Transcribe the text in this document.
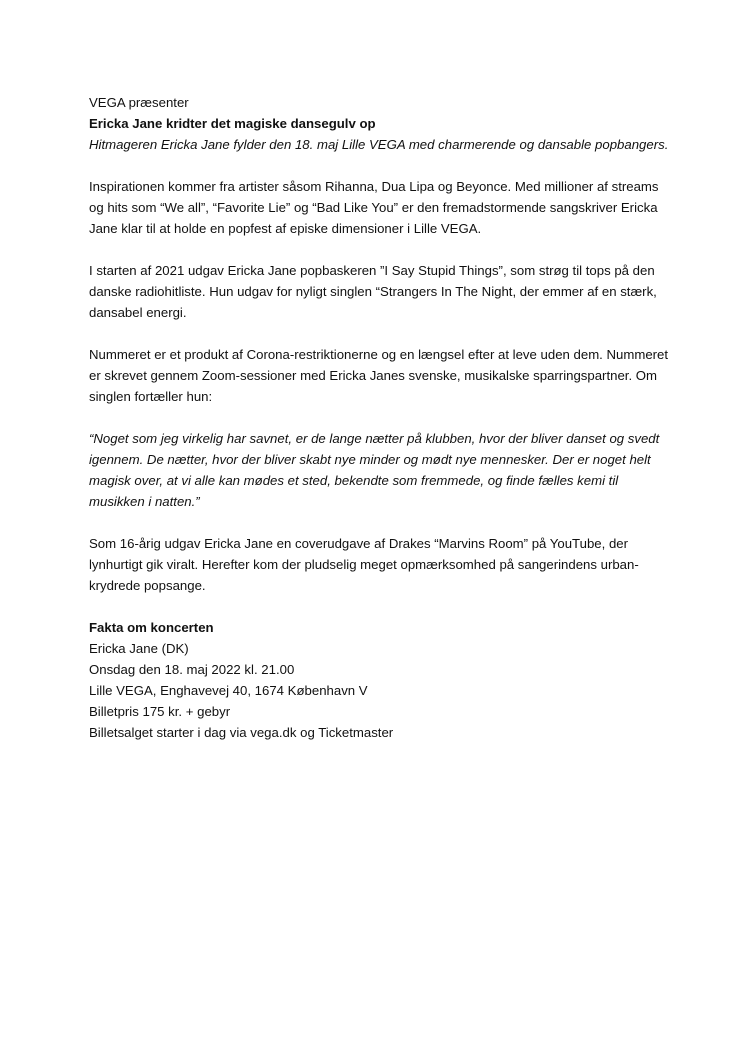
VEGA præsenter

Ericka Jane kridter det magiske dansegulv op

Hitmageren Ericka Jane fylder den 18. maj Lille VEGA med charmerende og dansable popbangers.

Inspirationen kommer fra artister såsom Rihanna, Dua Lipa og Beyonce. Med millioner af streams og hits som “We all”, “Favorite Lie” og “Bad Like You” er den fremadstormende sangskriver Ericka Jane klar til at holde en popfest af episke dimensioner i Lille VEGA.

I starten af 2021 udgav Ericka Jane popbaskeren ”I Say Stupid Things”, som strøg til tops på den danske radiohitliste. Hun udgav for nyligt singlen “Strangers In The Night, der emmer af en stærk, dansabel energi.

Nummeret er et produkt af Corona-restriktionerne og en længsel efter at leve uden dem. Nummeret er skrevet gennem Zoom-sessioner med Ericka Janes svenske, musikalske sparringspartner. Om singlen fortæller hun:

“Noget som jeg virkelig har savnet, er de lange nætter på klubben, hvor der bliver danset og svedt igennem. De nætter, hvor der bliver skabt nye minder og mødt nye mennesker. Der er noget helt magisk over, at vi alle kan mødes et sted, bekendte som fremmede, og finde fælles kemi til musikken i natten.”

Som 16-årig udgav Ericka Jane en coverudgave af Drakes “Marvins Room” på YouTube, der lynhurtigt gik viralt. Herefter kom der pludselig meget opmærksomhed på sangerindens urban-krydrede popsange.

Fakta om koncerten

Ericka Jane (DK)

Onsdag den 18. maj 2022 kl. 21.00

Lille VEGA, Enghavevej 40, 1674 København V

Billetpris 175 kr. + gebyr

Billetsalget starter i dag via vega.dk og Ticketmaster
